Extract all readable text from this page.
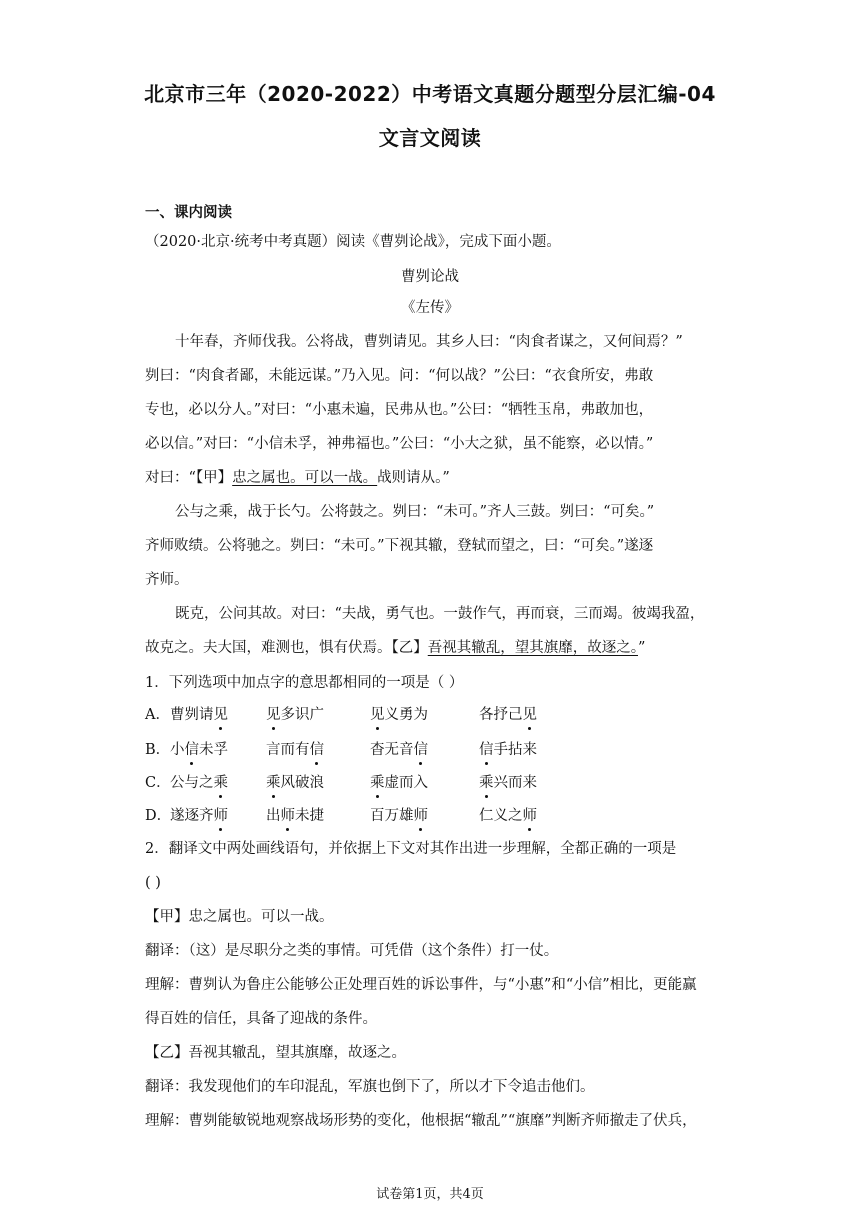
北京市三年（2020-2022）中考语文真题分题型分层汇编-04
文言文阅读
一、课内阅读
（2020·北京·统考中考真题）阅读《曹刿论战》，完成下面小题。
曹刿论战
《左传》
十年春，齐师伐我。公将战，曹刿请见。其乡人曰：“肉食者谋之，又何间焉？”
刿曰：“肉食者鄙，未能远谋。”乃入见。问：“何以战？”公曰：“衣食所安，弗敢
专也，必以分人。”对曰：“小惠未遍，民弗从也。”公曰：“牺牲玉帛，弗敢加也，
必以信。”对曰：“小信未孚，神弗福也。”公曰：“小大之狱，虽不能察，必以情。”
对曰：“【甲】忠之属也。可以一战。战则请从。”
公与之乘，战于长勺。公将鼓之。刿曰：“未可。”齐人三鼓。刿曰：“可矣。”
齐师败绩。公将驰之。刿曰：“未可。”下视其辙，登轼而望之，曰：“可矣。”遂逐
齐师。
既克，公问其故。对曰：“夫战，勇气也。一鼓作气，再而衰，三而竭。彼竭我盈，
故克之。夫大国，难测也，惧有伏焉。【乙】吾视其辙乱，望其旗靡，故逐之。”
1．下列选项中加点字的意思都相同的一项是（ ）
A． 曹刿请见	见多识广	见义勇为	各抒己见
B． 小信未孚	言而有信	杳无音信	信手拈来
C． 公与之乘	乘风破浪	乘虚而入	乘兴而来
D．
遂逐齐师	出师未捷	百万雄师	仁义之师
2．翻译文中两处画线语句，并依据上下文对其作出进一步理解，全都正确的一项是
( )
【甲】忠之属也。可以一战。
翻译：（这）是尽职分之类的事情。可凭借（这个条件）打一仗。
理解：曹刿认为鲁庄公能够公正处理百姓的诉讼事件，与“小惠”和“小信”相比，更能赢
得百姓的信任，具备了迎战的条件。
【乙】吾视其辙乱，望其旗靡，故逐之。
翻译：我发现他们的车印混乱，军旗也倒下了，所以才下令追击他们。
理解：曹刿能敏锐地观察战场形势的变化，他根据“辙乱”“旗靡”判断齐师撤走了伏兵，
试卷第1页，共4页
